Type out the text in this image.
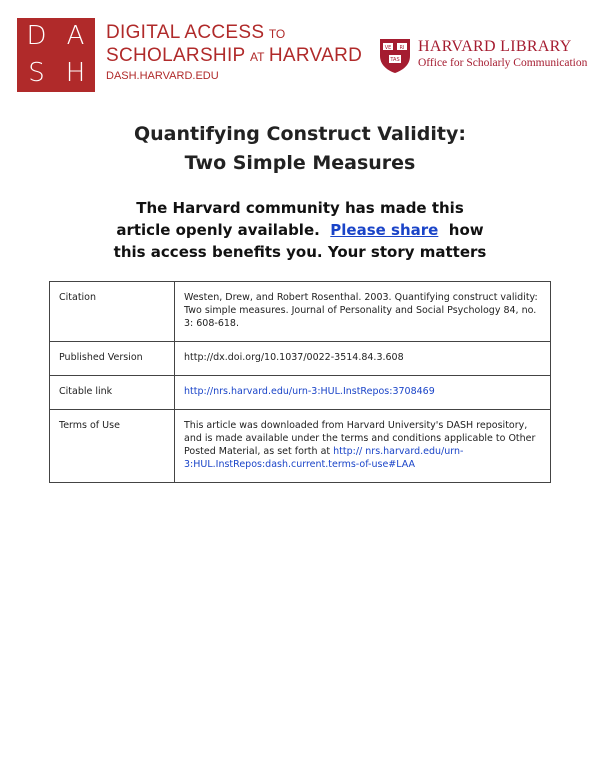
D A
S H
DIGITAL ACCESS TO
SCHOLARSHIP AT HARVARD
DASH.HARVARD.EDU
VE RI
TAS
HARVARD LIBRARY
Office for Scholarly Communication
Quantifying Construct Validity:
Two Simple Measures
The Harvard community has made this
article openly available. Please share how
this access benefits you. Your story matters
Citation	Westen, Drew, and Robert Rosenthal. 2003. Quantifying construct validity: Two simple measures. Journal of Personality and Social Psychology 84, no. 3: 608-618.
Published Version	http://dx.doi.org/10.1037/0022-3514.84.3.608
Citable link	http://nrs.harvard.edu/urn-3:HUL.InstRepos:3708469
Terms of Use	This article was downloaded from Harvard University's DASH repository, and is made available under the terms and conditions applicable to Other Posted Material, as set forth at http:// nrs.harvard.edu/urn-3:HUL.InstRepos:dash.current.terms-of-use#LAA
